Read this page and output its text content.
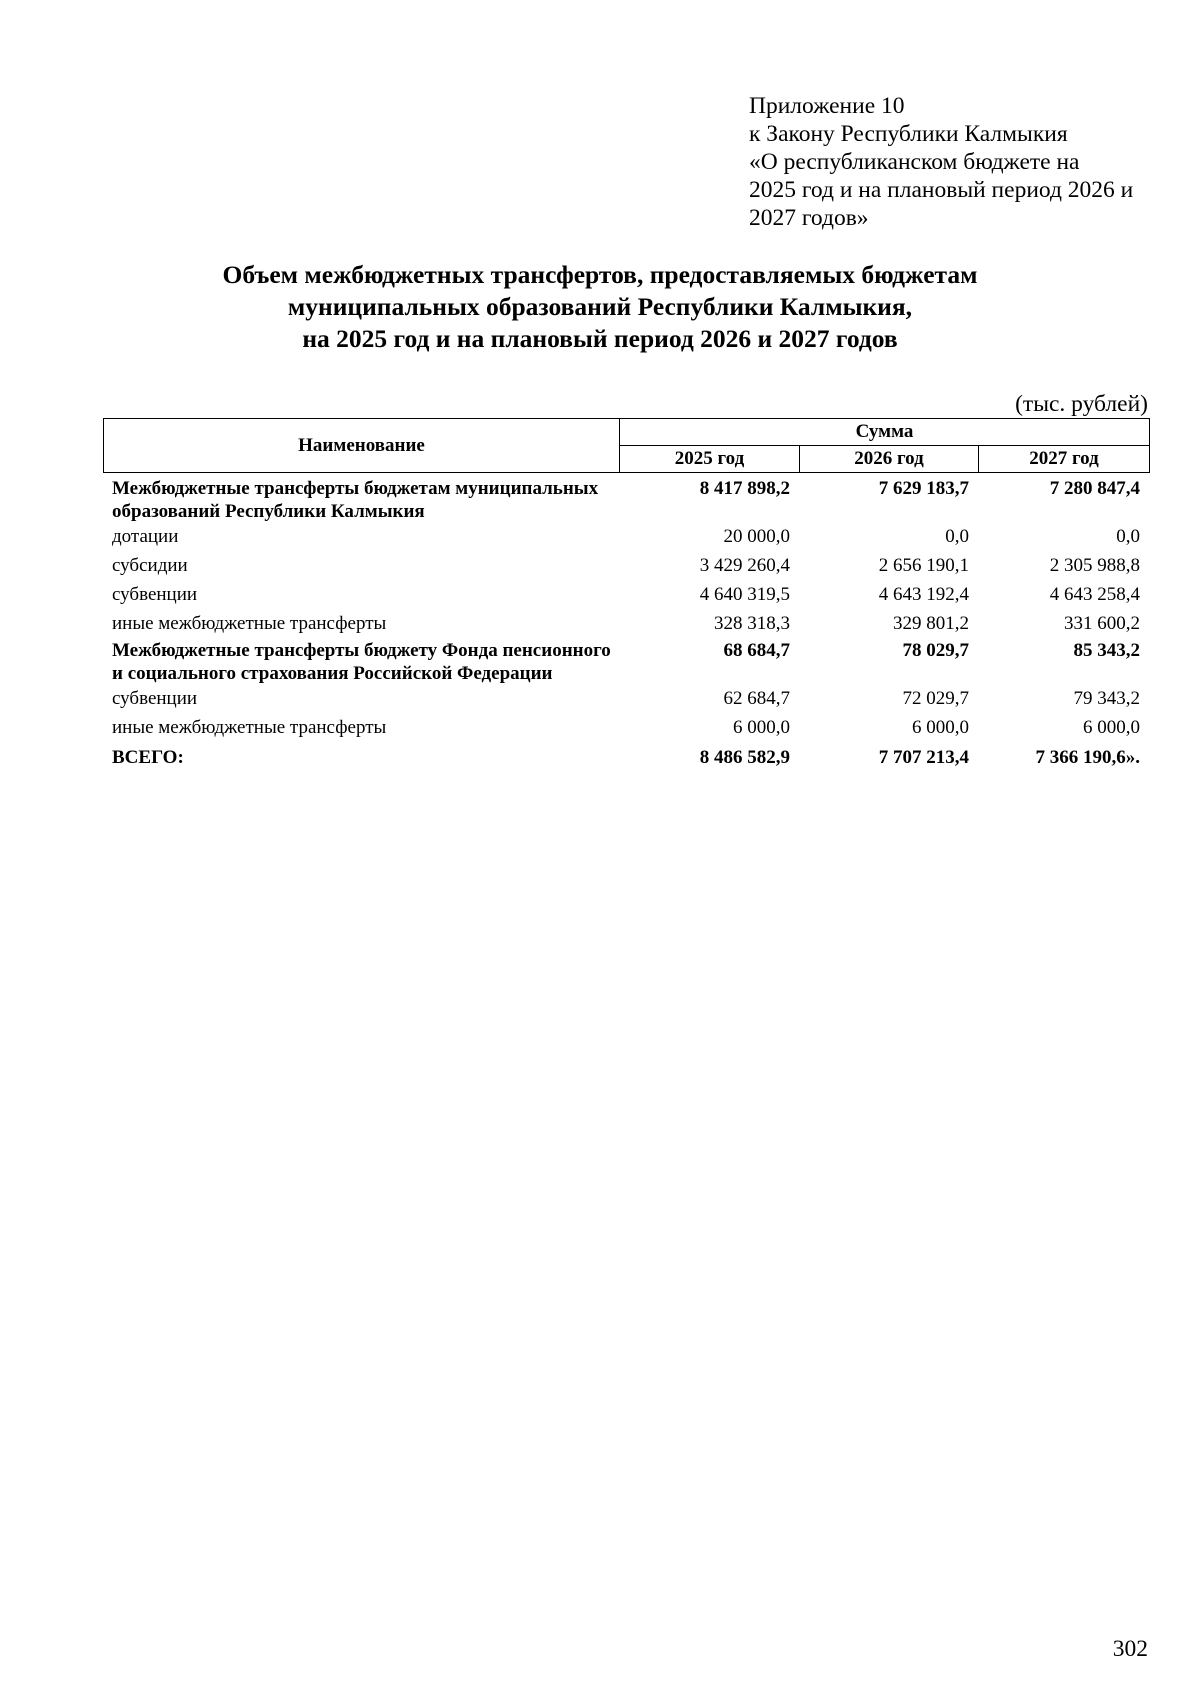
Приложение 10
к Закону Республики Калмыкия
«О республиканском бюджете на
2025 год и на плановый период 2026 и
2027 годов»
Объем межбюджетных трансфертов, предоставляемых бюджетам
муниципальных образований Республики Калмыкия,
на 2025 год и на плановый период 2026 и 2027 годов
(тыс. рублей)
Наименование	Сумма		
	2025 год	2026 год	2027 год
Межбюджетные трансферты бюджетам муниципальных образований Республики Калмыкия	8 417 898,2	7 629 183,7	7 280 847,4
дотации	20 000,0	0,0	0,0
субсидии	3 429 260,4	2 656 190,1	2 305 988,8
субвенции	4 640 319,5	4 643 192,4	4 643 258,4
иные межбюджетные трансферты	328 318,3	329 801,2	331 600,2
Межбюджетные трансферты бюджету Фонда пенсионного и социального страхования Российской Федерации	68 684,7	78 029,7	85 343,2
субвенции	62 684,7	72 029,7	79 343,2
иные межбюджетные трансферты	6 000,0	6 000,0	6 000,0
ВСЕГО:	8 486 582,9	7 707 213,4	7 366 190,6».
302
